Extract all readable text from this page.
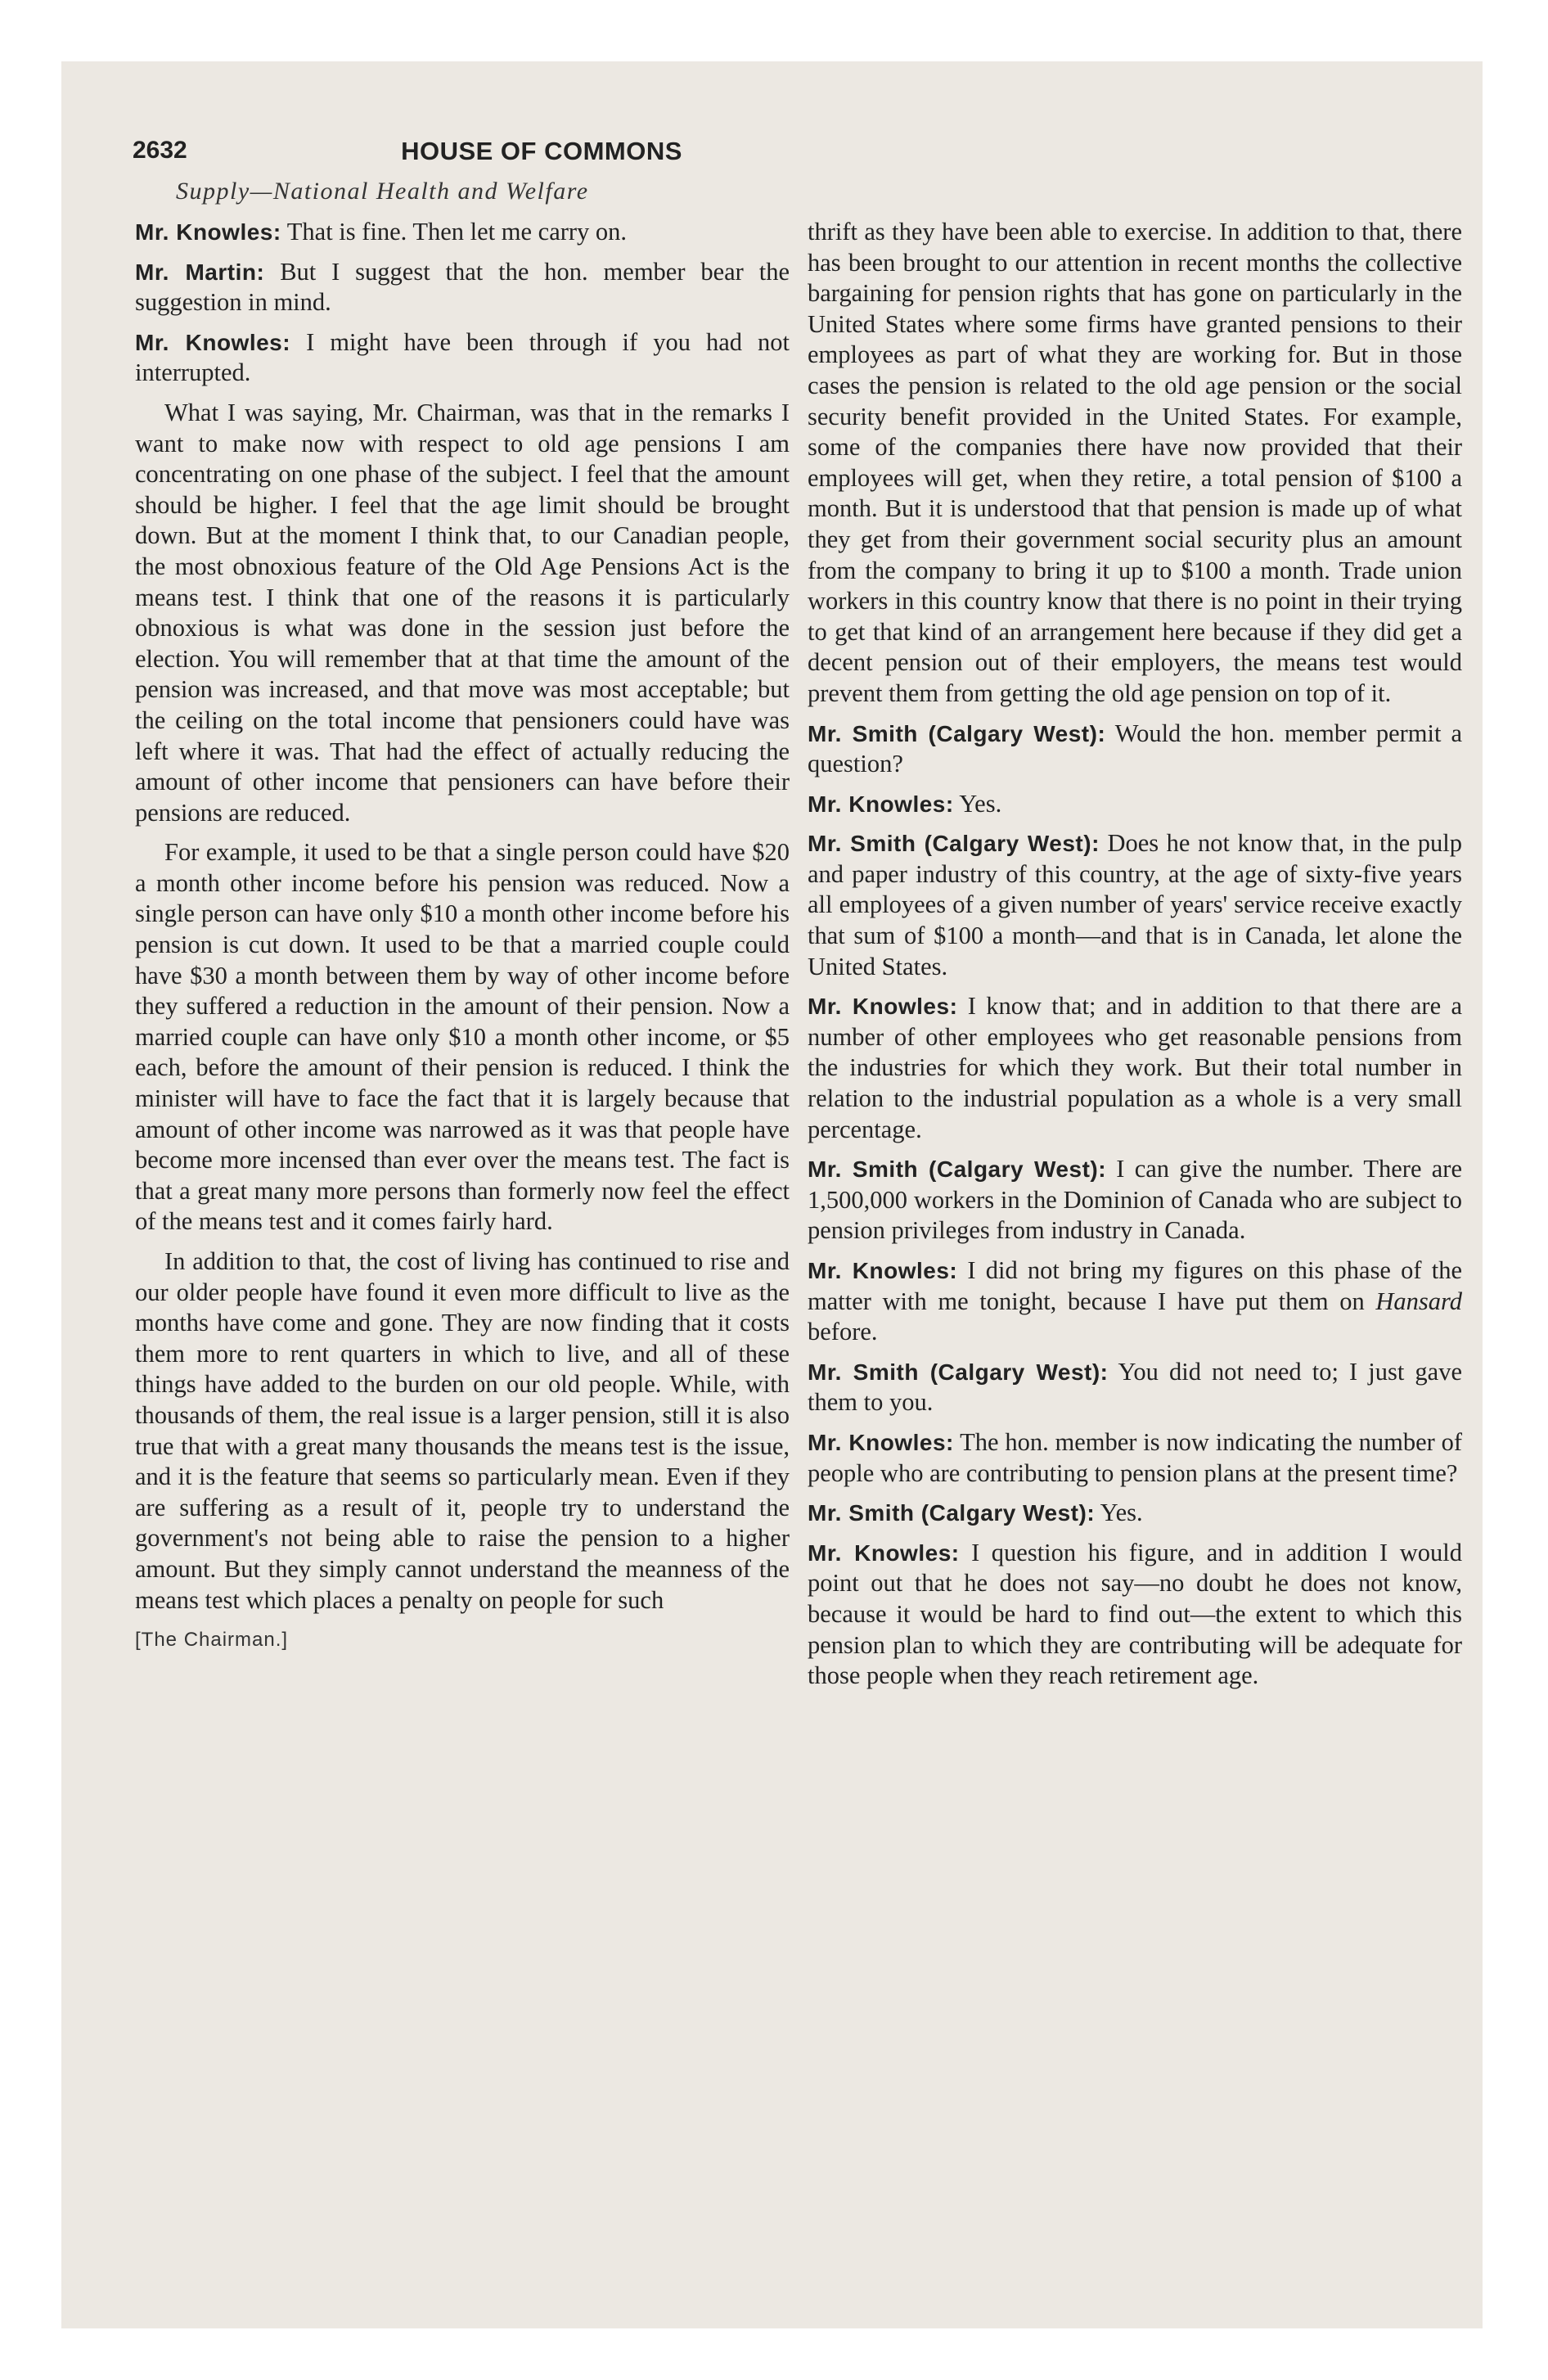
2632	HOUSE OF COMMONS
Supply—National Health and Welfare

Mr. Knowles: That is fine. Then let me carry on.

Mr. Martin: But I suggest that the hon. member bear the suggestion in mind.

Mr. Knowles: I might have been through if you had not interrupted.

What I was saying, Mr. Chairman, was that in the remarks I want to make now with respect to old age pensions I am concentrating on one phase of the subject. I feel that the amount should be higher. I feel that the age limit should be brought down. But at the moment I think that, to our Canadian people, the most obnoxious feature of the Old Age Pensions Act is the means test. I think that one of the reasons it is particularly obnoxious is what was done in the session just before the election. You will remember that at that time the amount of the pension was increased, and that move was most acceptable; but the ceiling on the total income that pensioners could have was left where it was. That had the effect of actually reducing the amount of other income that pensioners can have before their pensions are reduced.

For example, it used to be that a single person could have $20 a month other income before his pension was reduced. Now a single person can have only $10 a month other income before his pension is cut down. It used to be that a married couple could have $30 a month between them by way of other income before they suffered a reduction in the amount of their pension. Now a married couple can have only $10 a month other income, or $5 each, before the amount of their pension is reduced. I think the minister will have to face the fact that it is largely because that amount of other income was narrowed as it was that people have become more incensed than ever over the means test. The fact is that a great many more persons than formerly now feel the effect of the means test and it comes fairly hard.

In addition to that, the cost of living has continued to rise and our older people have found it even more difficult to live as the months have come and gone. They are now finding that it costs them more to rent quarters in which to live, and all of these things have added to the burden on our old people. While, with thousands of them, the real issue is a larger pension, still it is also true that with a great many thousands the means test is the issue, and it is the feature that seems so particularly mean. Even if they are suffering as a result of it, people try to understand the government's not being able to raise the pension to a higher amount. But they simply cannot understand the meanness of the means test which places a penalty on people for such

[The Chairman.]

thrift as they have been able to exercise. In addition to that, there has been brought to our attention in recent months the collective bargaining for pension rights that has gone on particularly in the United States where some firms have granted pensions to their employees as part of what they are working for. But in those cases the pension is related to the old age pension or the social security benefit provided in the United States. For example, some of the companies there have now provided that their employees will get, when they retire, a total pension of $100 a month. But it is understood that that pension is made up of what they get from their government social security plus an amount from the company to bring it up to $100 a month. Trade union workers in this country know that there is no point in their trying to get that kind of an arrangement here because if they did get a decent pension out of their employers, the means test would prevent them from getting the old age pension on top of it.

Mr. Smith (Calgary West): Would the hon. member permit a question?

Mr. Knowles: Yes.

Mr. Smith (Calgary West): Does he not know that, in the pulp and paper industry of this country, at the age of sixty-five years all employees of a given number of years' service receive exactly that sum of $100 a month—and that is in Canada, let alone the United States.

Mr. Knowles: I know that; and in addition to that there are a number of other employees who get reasonable pensions from the industries for which they work. But their total number in relation to the industrial population as a whole is a very small percentage.

Mr. Smith (Calgary West): I can give the number. There are 1,500,000 workers in the Dominion of Canada who are subject to pension privileges from industry in Canada.

Mr. Knowles: I did not bring my figures on this phase of the matter with me tonight, because I have put them on Hansard before.

Mr. Smith (Calgary West): You did not need to; I just gave them to you.

Mr. Knowles: The hon. member is now indicating the number of people who are contributing to pension plans at the present time?

Mr. Smith (Calgary West): Yes.

Mr. Knowles: I question his figure, and in addition I would point out that he does not say—no doubt he does not know, because it would be hard to find out—the extent to which this pension plan to which they are contributing will be adequate for those people when they reach retirement age.
